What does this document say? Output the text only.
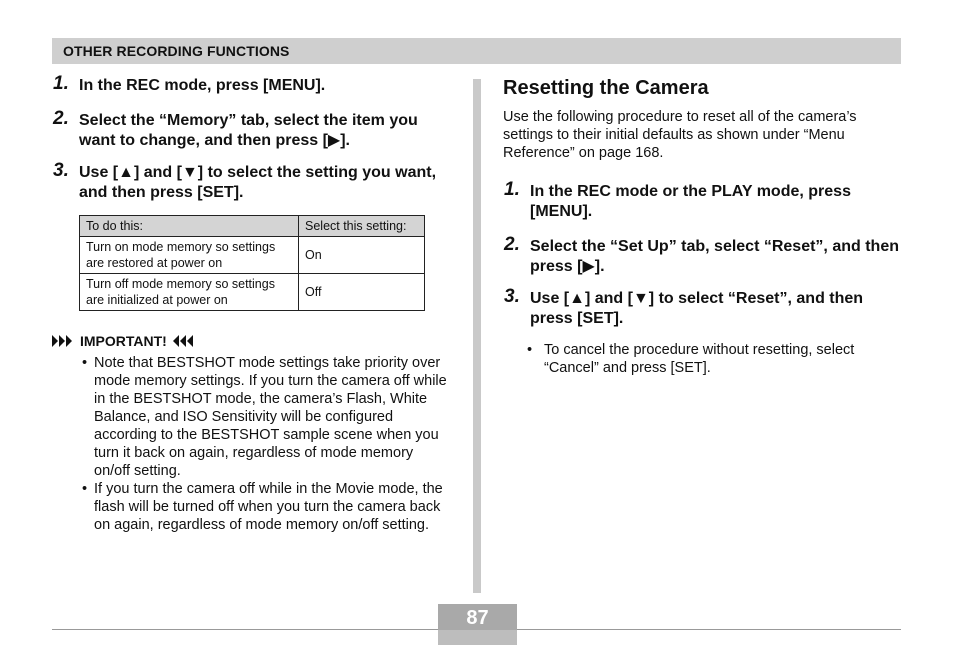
OTHER RECORDING FUNCTIONS
1. In the REC mode, press [MENU].
2. Select the “Memory” tab, select the item you want to change, and then press [▶].
3. Use [▲] and [▼] to select the setting you want, and then press [SET].
To do this:	Select this setting:
Turn on mode memory so settings are restored at power on	On
Turn off mode memory so settings are initialized at power on	Off
IMPORTANT!
• Note that BESTSHOT mode settings take priority over mode memory settings. If you turn the camera off while in the BESTSHOT mode, the camera’s Flash, White Balance, and ISO Sensitivity will be configured according to the BESTSHOT sample scene when you turn it back on again, regardless of mode memory on/off setting.
• If you turn the camera off while in the Movie mode, the flash will be turned off when you turn the camera back on again, regardless of mode memory on/off setting.
Resetting the Camera
Use the following procedure to reset all of the camera’s settings to their initial defaults as shown under “Menu Reference” on page 168.
1. In the REC mode or the PLAY mode, press [MENU].
2. Select the “Set Up” tab, select “Reset”, and then press [▶].
3. Use [▲] and [▼] to select “Reset”, and then press [SET].
• To cancel the procedure without resetting, select “Cancel” and press [SET].
87
